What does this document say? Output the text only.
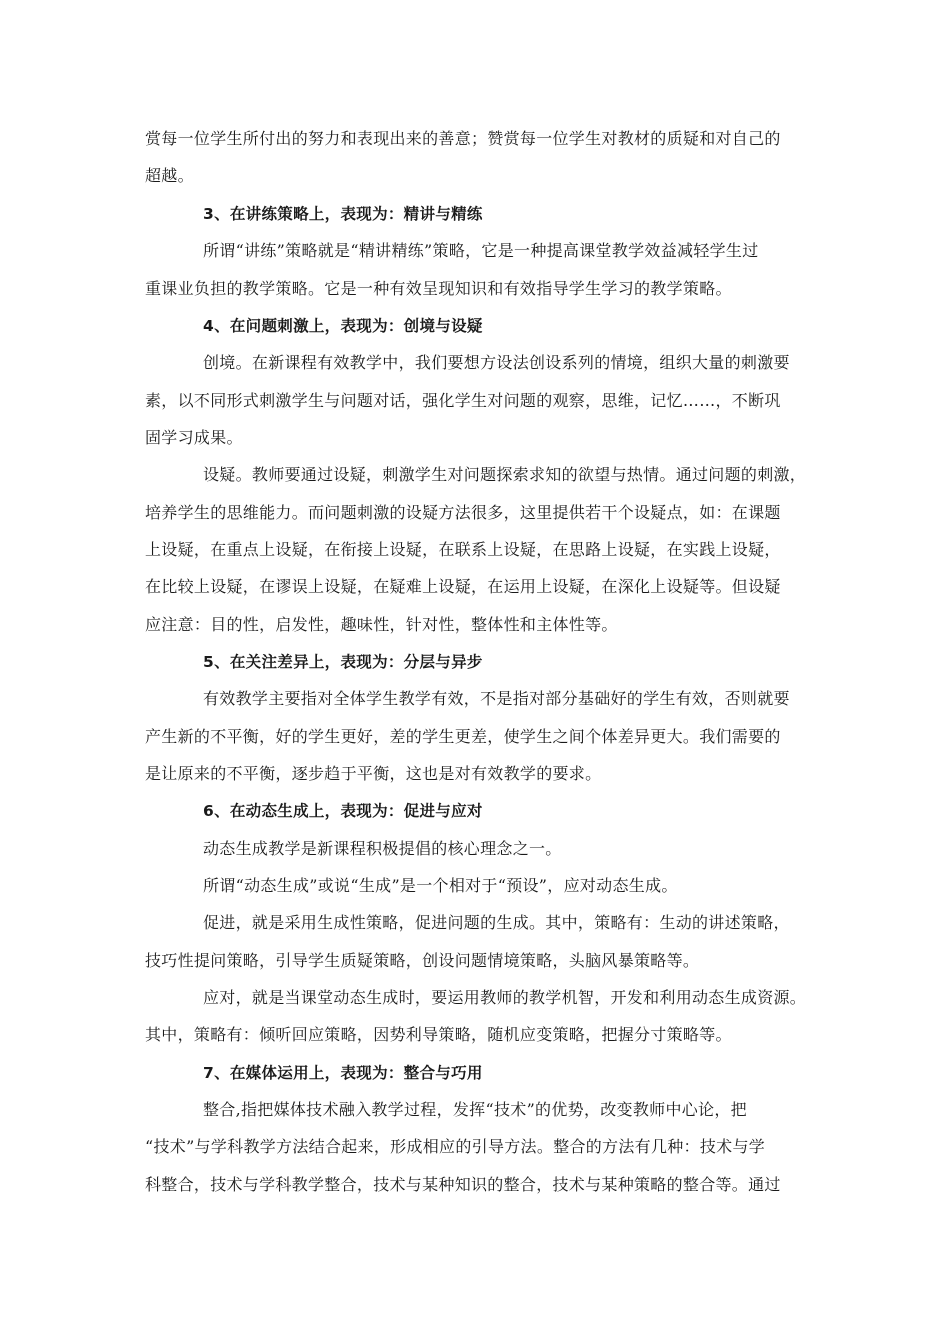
赏每一位学生所付出的努力和表现出来的善意；赞赏每一位学生对教材的质疑和对自己的
超越。
3、在讲练策略上，表现为：精讲与精练
所谓“讲练”策略就是“精讲精练”策略，它是一种提高课堂教学效益减轻学生过
重课业负担的教学策略。它是一种有效呈现知识和有效指导学生学习的教学策略。
4、在问题刺激上，表现为：创境与设疑
创境。在新课程有效教学中，我们要想方设法创设系列的情境，组织大量的刺激要
素，以不同形式刺激学生与问题对话，强化学生对问题的观察，思维，记忆……，不断巩
固学习成果。
设疑。教师要通过设疑，刺激学生对问题探索求知的欲望与热情。通过问题的刺激，
培养学生的思维能力。而问题刺激的设疑方法很多，这里提供若干个设疑点，如：在课题
上设疑，在重点上设疑，在衔接上设疑，在联系上设疑，在思路上设疑，在实践上设疑，
在比较上设疑，在谬误上设疑，在疑难上设疑，在运用上设疑，在深化上设疑等。但设疑
应注意：目的性，启发性，趣味性，针对性，整体性和主体性等。
5、在关注差异上，表现为：分层与异步
有效教学主要指对全体学生教学有效，不是指对部分基础好的学生有效，否则就要
产生新的不平衡，好的学生更好，差的学生更差，使学生之间个体差异更大。我们需要的
是让原来的不平衡，逐步趋于平衡，这也是对有效教学的要求。
6、在动态生成上，表现为：促进与应对
动态生成教学是新课程积极提倡的核心理念之一。
所谓“动态生成”或说“生成”是一个相对于“预设”，应对动态生成。
促进，就是采用生成性策略，促进问题的生成。其中，策略有：生动的讲述策略，
技巧性提问策略，引导学生质疑策略，创设问题情境策略，头脑风暴策略等。
应对，就是当课堂动态生成时，要运用教师的教学机智，开发和利用动态生成资源。
其中，策略有：倾听回应策略，因势利导策略，随机应变策略，把握分寸策略等。
7、在媒体运用上，表现为：整合与巧用
整合,指把媒体技术融入教学过程，发挥“技术”的优势，改变教师中心论，把
“技术”与学科教学方法结合起来，形成相应的引导方法。整合的方法有几种：技术与学
科整合，技术与学科教学整合，技术与某种知识的整合，技术与某种策略的整合等。通过
